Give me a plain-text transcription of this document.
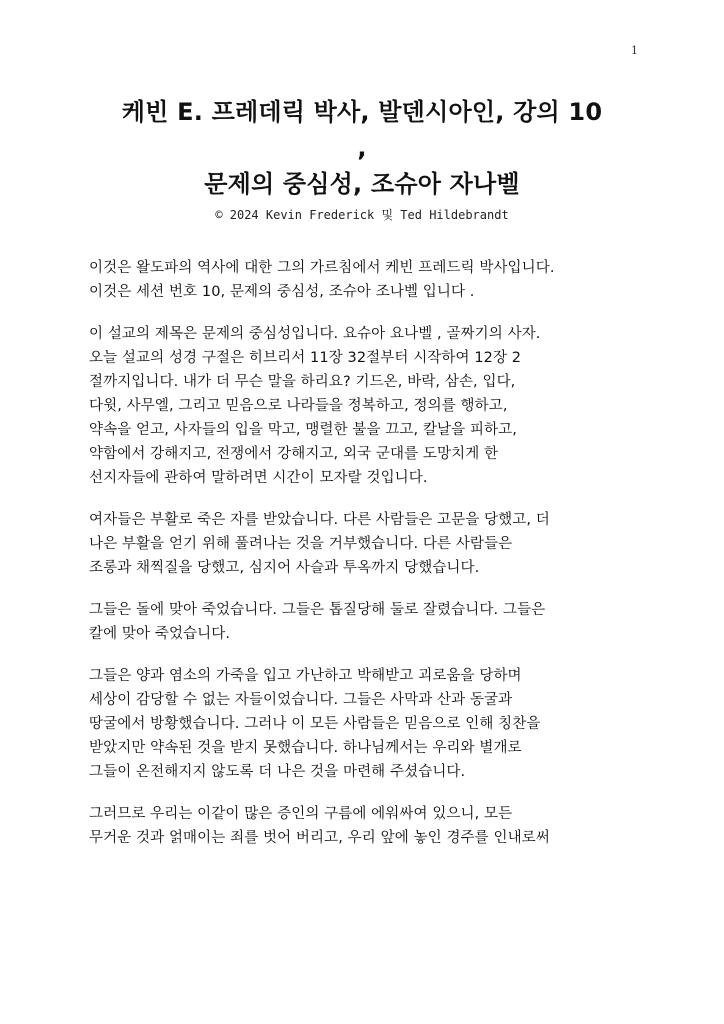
1
케빈 E. 프레데릭 박사, 발덴시아인, 강의 10
,
문제의 중심성, 조슈아 자나벨
© 2024 Kevin Frederick 및 Ted Hildebrandt
이것은 왈도파의 역사에 대한 그의 가르침에서 케빈 프레드릭 박사입니다.
이것은 세션 번호 10, 문제의 중심성, 조슈아 조나벨 입니다 .
이 설교의 제목은 문제의 중심성입니다. 요슈아 요나벨 , 골짜기의 사자.
오늘 설교의 성경 구절은 히브리서 11장 32절부터 시작하여 12장 2
절까지입니다. 내가 더 무슨 말을 하리요? 기드온, 바락, 삼손, 입다,
다윗, 사무엘, 그리고 믿음으로 나라들을 정복하고, 정의를 행하고,
약속을 얻고, 사자들의 입을 막고, 맹렬한 불을 끄고, 칼날을 피하고,
약함에서 강해지고, 전쟁에서 강해지고, 외국 군대를 도망치게 한
선지자들에 관하여 말하려면 시간이 모자랄 것입니다.
여자들은 부활로 죽은 자를 받았습니다. 다른 사람들은 고문을 당했고, 더
나은 부활을 얻기 위해 풀려나는 것을 거부했습니다. 다른 사람들은
조롱과 채찍질을 당했고, 심지어 사슬과 투옥까지 당했습니다.
그들은 돌에 맞아 죽었습니다. 그들은 톱질당해 둘로 잘렸습니다. 그들은
칼에 맞아 죽었습니다.
그들은 양과 염소의 가죽을 입고 가난하고 박해받고 괴로움을 당하며
세상이 감당할 수 없는 자들이었습니다. 그들은 사막과 산과 동굴과
땅굴에서 방황했습니다. 그러나 이 모든 사람들은 믿음으로 인해 칭찬을
받았지만 약속된 것을 받지 못했습니다. 하나님께서는 우리와 별개로
그들이 온전해지지 않도록 더 나은 것을 마련해 주셨습니다.
그러므로 우리는 이같이 많은 증인의 구름에 에워싸여 있으니, 모든
무거운 것과 얽매이는 죄를 벗어 버리고, 우리 앞에 놓인 경주를 인내로써
